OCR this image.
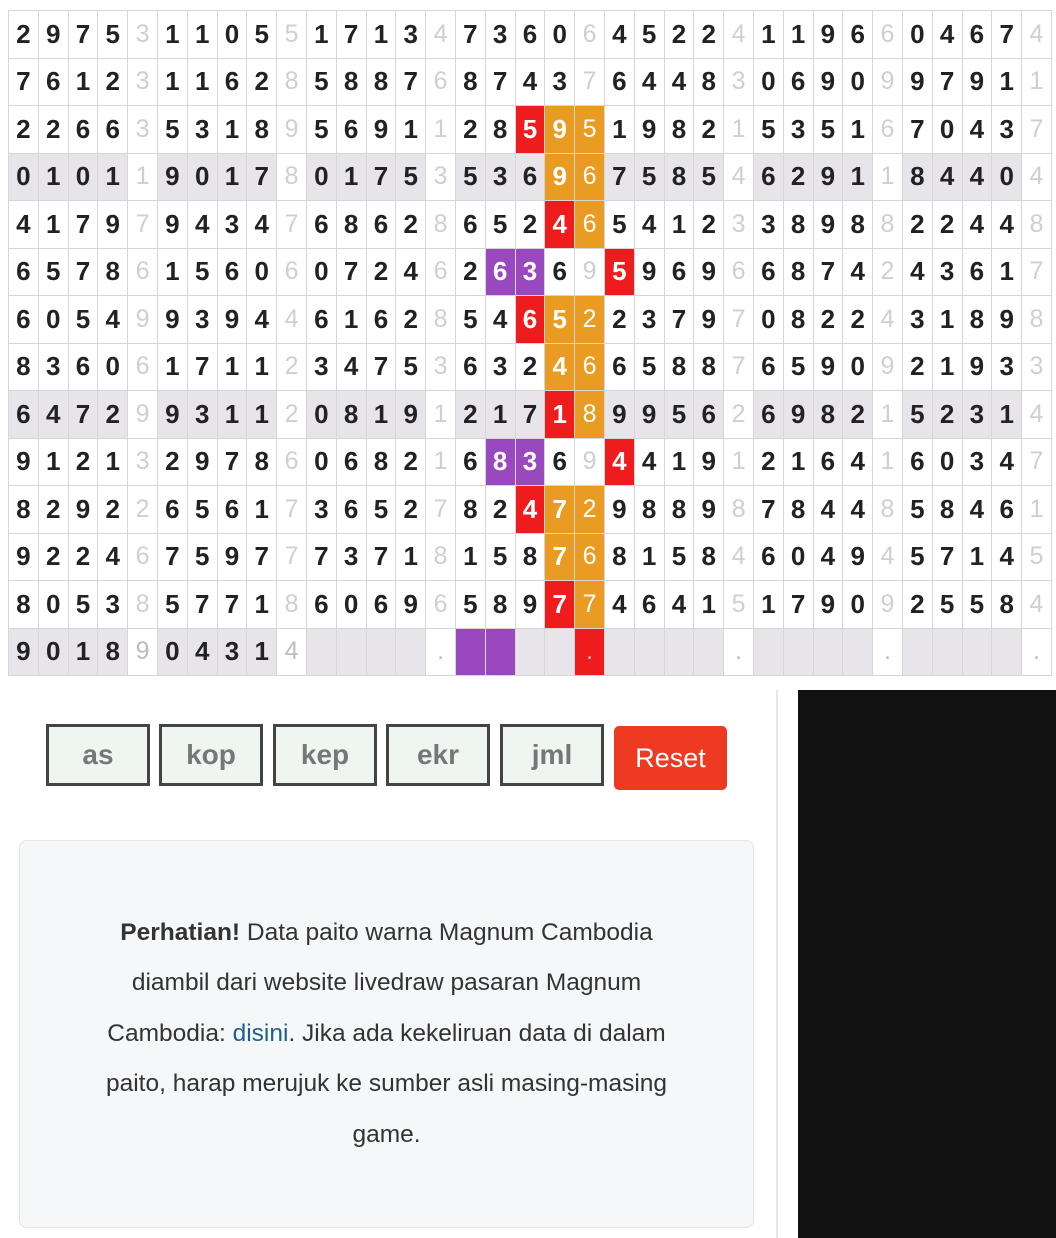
2	9	7	5	3	1	1	0	5	5	1	7	1	3	4	7	3	6	0	6	4	5	2	2	4	1	1	9	6	6	0	4	6	7	4
7	6	1	2	3	1	1	6	2	8	5	8	8	7	6	8	7	4	3	7	6	4	4	8	3	0	6	9	0	9	9	7	9	1	1
2	2	6	6	3	5	3	1	8	9	5	6	9	1	1	2	8	5	9	5	1	9	8	2	1	5	3	5	1	6	7	0	4	3	7
0	1	0	1	1	9	0	1	7	8	0	1	7	5	3	5	3	6	9	6	7	5	8	5	4	6	2	9	1	1	8	4	4	0	4
4	1	7	9	7	9	4	3	4	7	6	8	6	2	8	6	5	2	4	6	5	4	1	2	3	3	8	9	8	8	2	2	4	4	8
6	5	7	8	6	1	5	6	0	6	0	7	2	4	6	2	6	3	6	9	5	9	6	9	6	6	8	7	4	2	4	3	6	1	7
6	0	5	4	9	9	3	9	4	4	6	1	6	2	8	5	4	6	5	2	2	3	7	9	7	0	8	2	2	4	3	1	8	9	8
8	3	6	0	6	1	7	1	1	2	3	4	7	5	3	6	3	2	4	6	6	5	8	8	7	6	5	9	0	9	2	1	9	3	3
6	4	7	2	9	9	3	1	1	2	0	8	1	9	1	2	1	7	1	8	9	9	5	6	2	6	9	8	2	1	5	2	3	1	4
9	1	2	1	3	2	9	7	8	6	0	6	8	2	1	6	8	3	6	9	4	4	1	9	1	2	1	6	4	1	6	0	3	4	7
8	2	9	2	2	6	5	6	1	7	3	6	5	2	7	8	2	4	7	2	9	8	8	9	8	7	8	4	4	8	5	8	4	6	1
9	2	2	4	6	7	5	9	7	7	7	3	7	1	8	1	5	8	7	6	8	1	5	8	4	6	0	4	9	4	5	7	1	4	5
8	0	5	3	8	5	7	7	1	8	6	0	6	9	6	5	8	9	7	7	4	6	4	1	5	1	7	9	0	9	2	5	5	8	4
9	0	1	8	9	0	4	3	1	4					.					.					.					.					.
as
kop
kep
ekr
jml
Reset

Perhatian! Data paito warna Magnum Cambodia diambil dari website livedraw pasaran Magnum Cambodia: disini. Jika ada kekeliruan data di dalam paito, harap merujuk ke sumber asli masing-masing game.
